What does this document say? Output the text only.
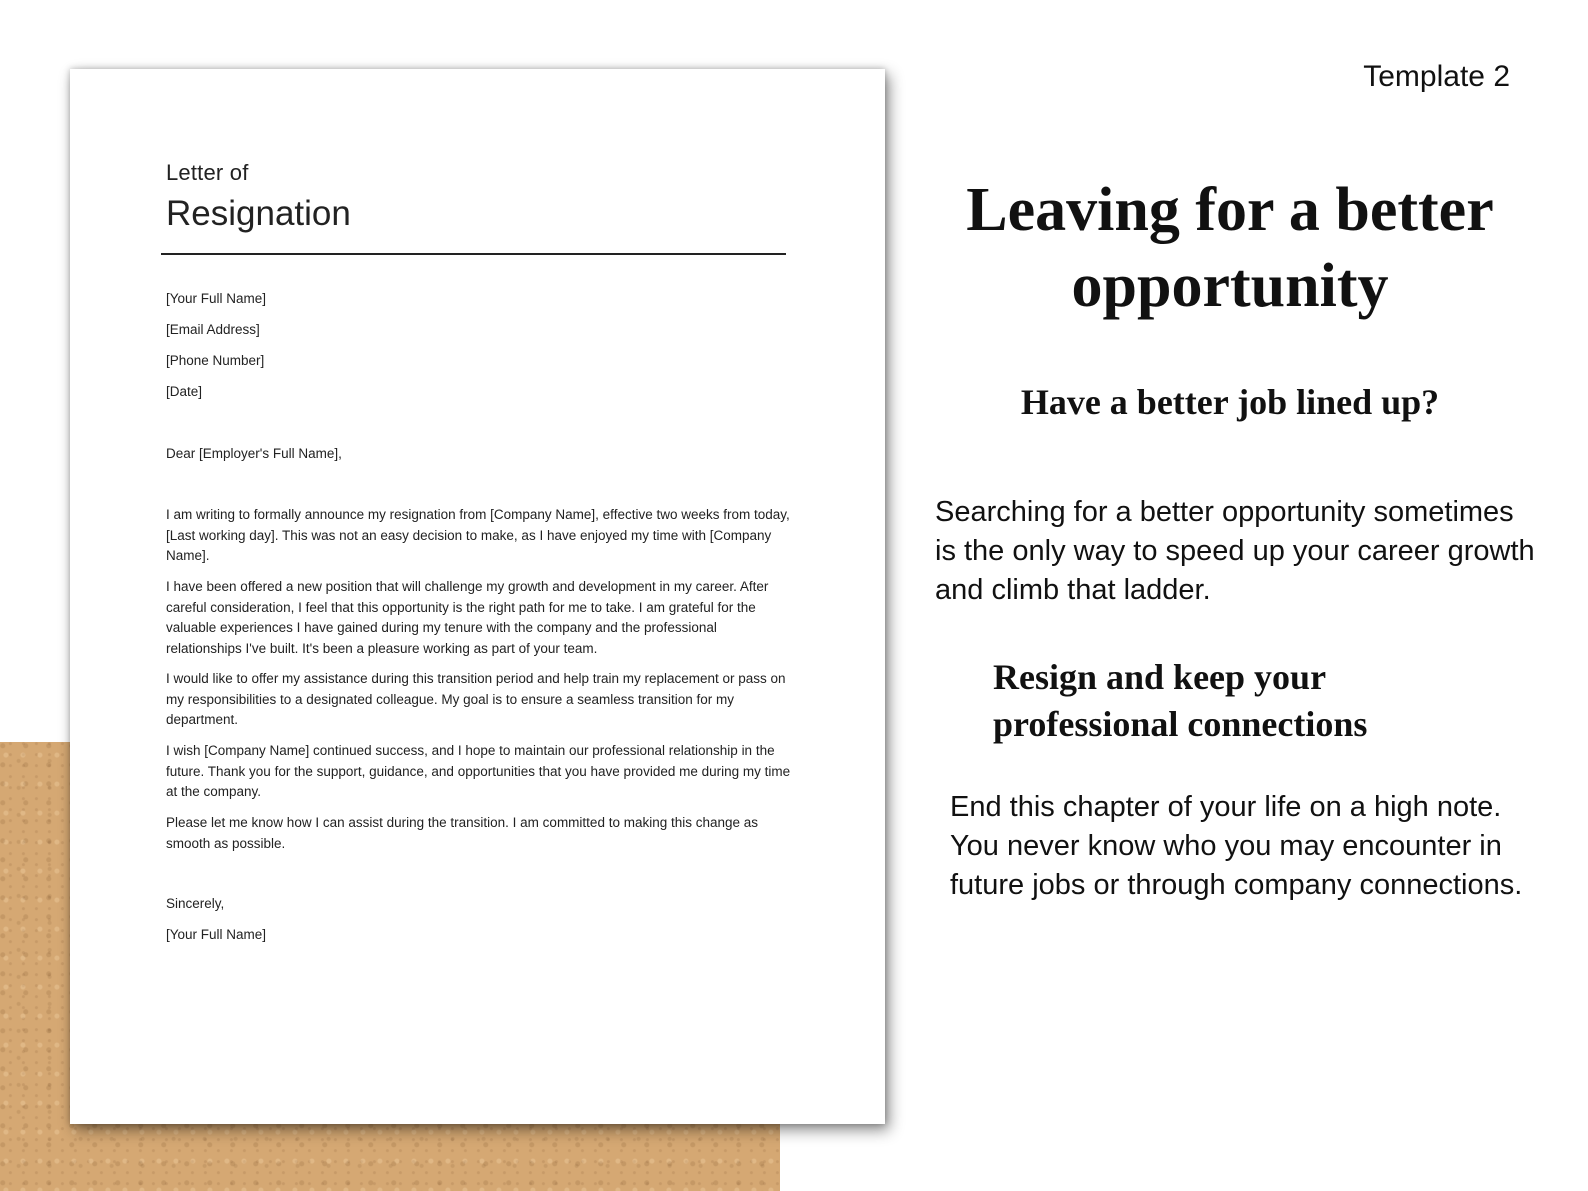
Letter of
Resignation
[Your Full Name]
[Email Address]
[Phone Number]
[Date]
Dear [Employer's Full Name],

I am writing to formally announce my resignation from [Company Name], effective two weeks from today, [Last working day]. This was not an easy decision to make, as I have enjoyed my time with [Company Name].

I have been offered a new position that will challenge my growth and development in my career. After careful consideration, I feel that this opportunity is the right path for me to take. I am grateful for the valuable experiences I have gained during my tenure with the company and the professional relationships I've built. It's been a pleasure working as part of your team.

I would like to offer my assistance during this transition period and help train my replacement or pass on my responsibilities to a designated colleague. My goal is to ensure a seamless transition for my department.

I wish [Company Name] continued success, and I hope to maintain our professional relationship in the future. Thank you for the support, guidance, and opportunities that you have provided me during my time at the company.

Please let me know how I can assist during the transition. I am committed to making this change as smooth as possible.

Sincerely,
[Your Full Name]
Template 2
Leaving for a better opportunity
Have a better job lined up?

Searching for a better opportunity sometimes is the only way to speed up your career growth and climb that ladder.

Resign and keep your professional connections

End this chapter of your life on a high note. You never know who you may encounter in future jobs or through company connections.
